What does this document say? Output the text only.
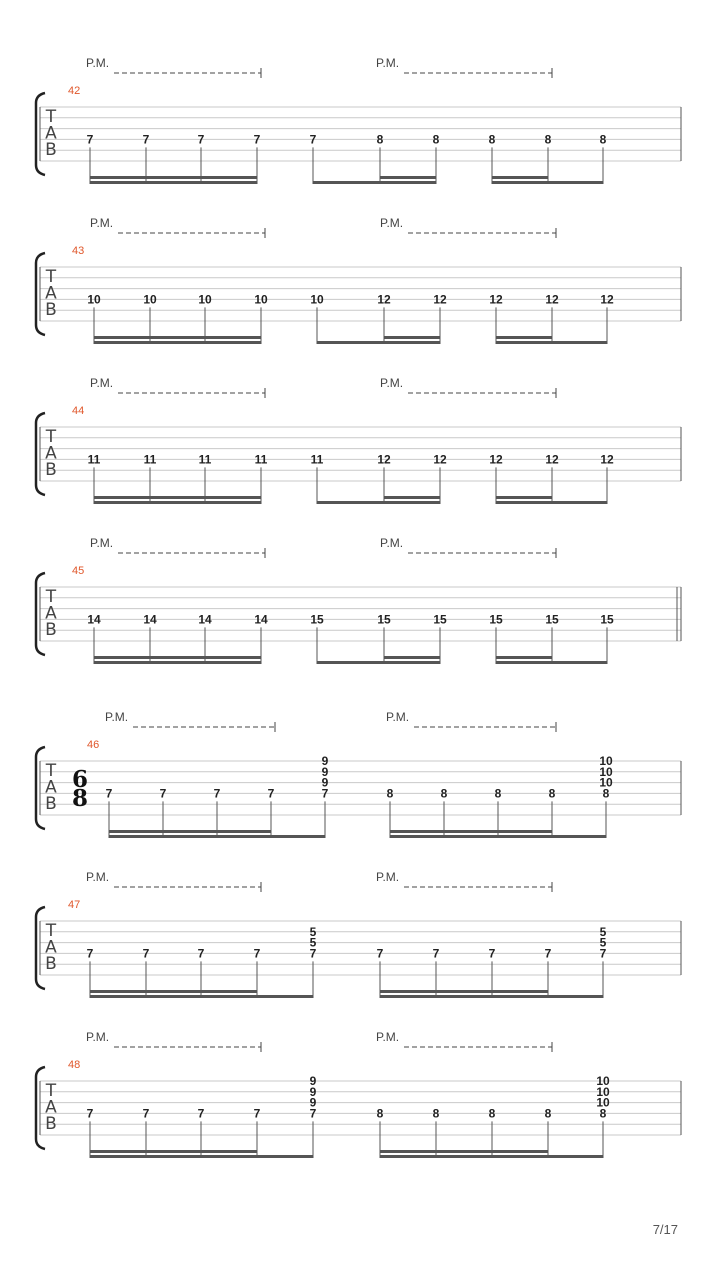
T
A
B
42
7	7	7	7	7	8	8	8	8	8
P.M.	P.M.
T
A
B
43
10	10	10	10	10	12	12	12	12	12
P.M.	P.M.
T
A
B
44
11	11	11	11	11	12	12	12	12	12
P.M.	P.M.
T
A
B
45
14	14	14	14	15	15	15	15	15	15
P.M.	P.M.
T
A
B
46
6
8 7	7	7	7
9
9
9
7	8	8	8	8
10
10
10
8
P.M.	P.M.
T
A
B
47
7	7	7	7
5
5
7	7	7	7	7
5
5
7
P.M.	P.M.
T
A
B
48
7	7	7	7
9
9
9
7	8	8	8	8
10
10
10
8
P.M.	P.M.
7/17
